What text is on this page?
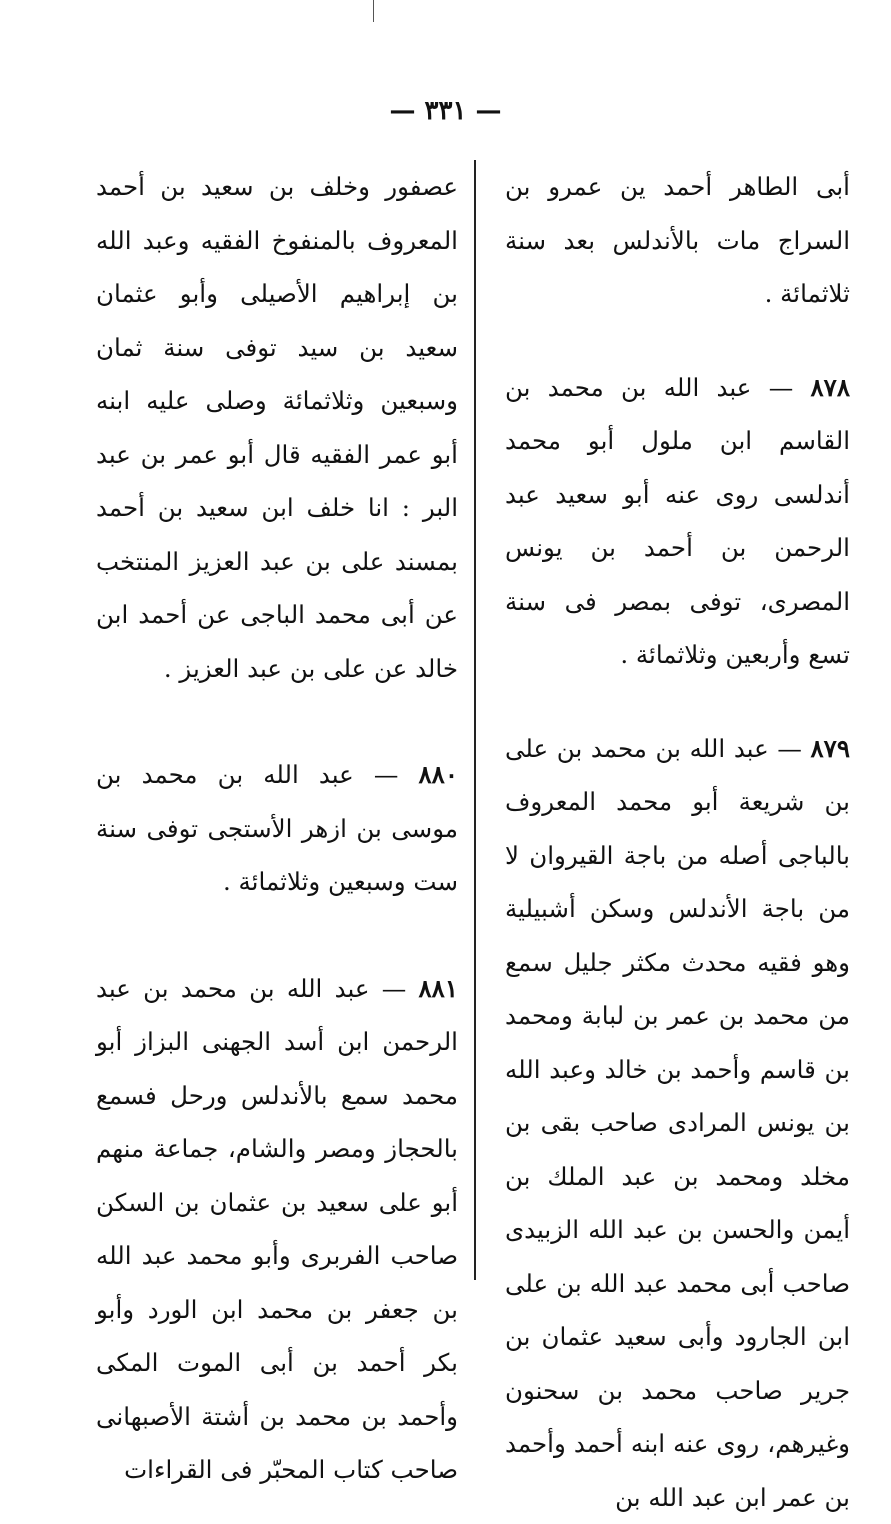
— ٣٣١ —

أبى الطاهر أحمد ين عمرو بن السراج مات بالأندلس بعد سنة ثلاثمائة .

٨٧٨ — عبد الله بن محمد بن القاسم ابن ملول أبو محمد أندلسى روى عنه أبو سعيد عبد الرحمن بن أحمد بن يونس المصرى، توفى بمصر فى سنة تسع وأربعين وثلاثمائة .

٨٧٩ — عبد الله بن محمد بن على بن شريعة أبو محمد المعروف بالباجى أصله من باجة القيروان لا من باجة الأندلس وسكن أشبيلية وهو فقيه محدث مكثر جليل سمع من محمد بن عمر بن لبابة ومحمد بن قاسم وأحمد بن خالد وعبد الله بن يونس المرادى صاحب بقى بن مخلد ومحمد بن عبد الملك بن أيمن والحسن بن عبد الله الزبيدى صاحب أبى محمد عبد الله بن على ابن الجارود وأبى سعيد عثمان بن جرير صاحب محمد بن سحنون وغيرهم، روى عنه ابنه أحمد وأحمد بن عمر ابن عبد الله بن

عصفور وخلف بن سعيد بن أحمد المعروف بالمنفوخ الفقيه وعبد الله بن إبراهيم الأصيلى وأبو عثمان سعيد بن سيد توفى سنة ثمان وسبعين وثلاثمائة وصلى عليه ابنه أبو عمر الفقيه قال أبو عمر بن عبد البر : انا خلف ابن سعيد بن أحمد بمسند على بن عبد العزيز المنتخب عن أبى محمد الباجى عن أحمد ابن خالد عن على بن عبد العزيز .

٨٨٠ — عبد الله بن محمد بن موسى بن ازهر الأستجى توفى سنة ست وسبعين وثلاثمائة .

٨٨١ — عبد الله بن محمد بن عبد الرحمن ابن أسد الجهنى البزاز أبو محمد سمع بالأندلس ورحل فسمع بالحجاز ومصر والشام، جماعة منهم أبو على سعيد بن عثمان بن السكن صاحب الفربرى وأبو محمد عبد الله بن جعفر بن محمد ابن الورد وأبو بكر أحمد بن أبى الموت المكى وأحمد بن محمد بن أشتة الأصبهانى صاحب كتاب المحبّر فى القراءات
